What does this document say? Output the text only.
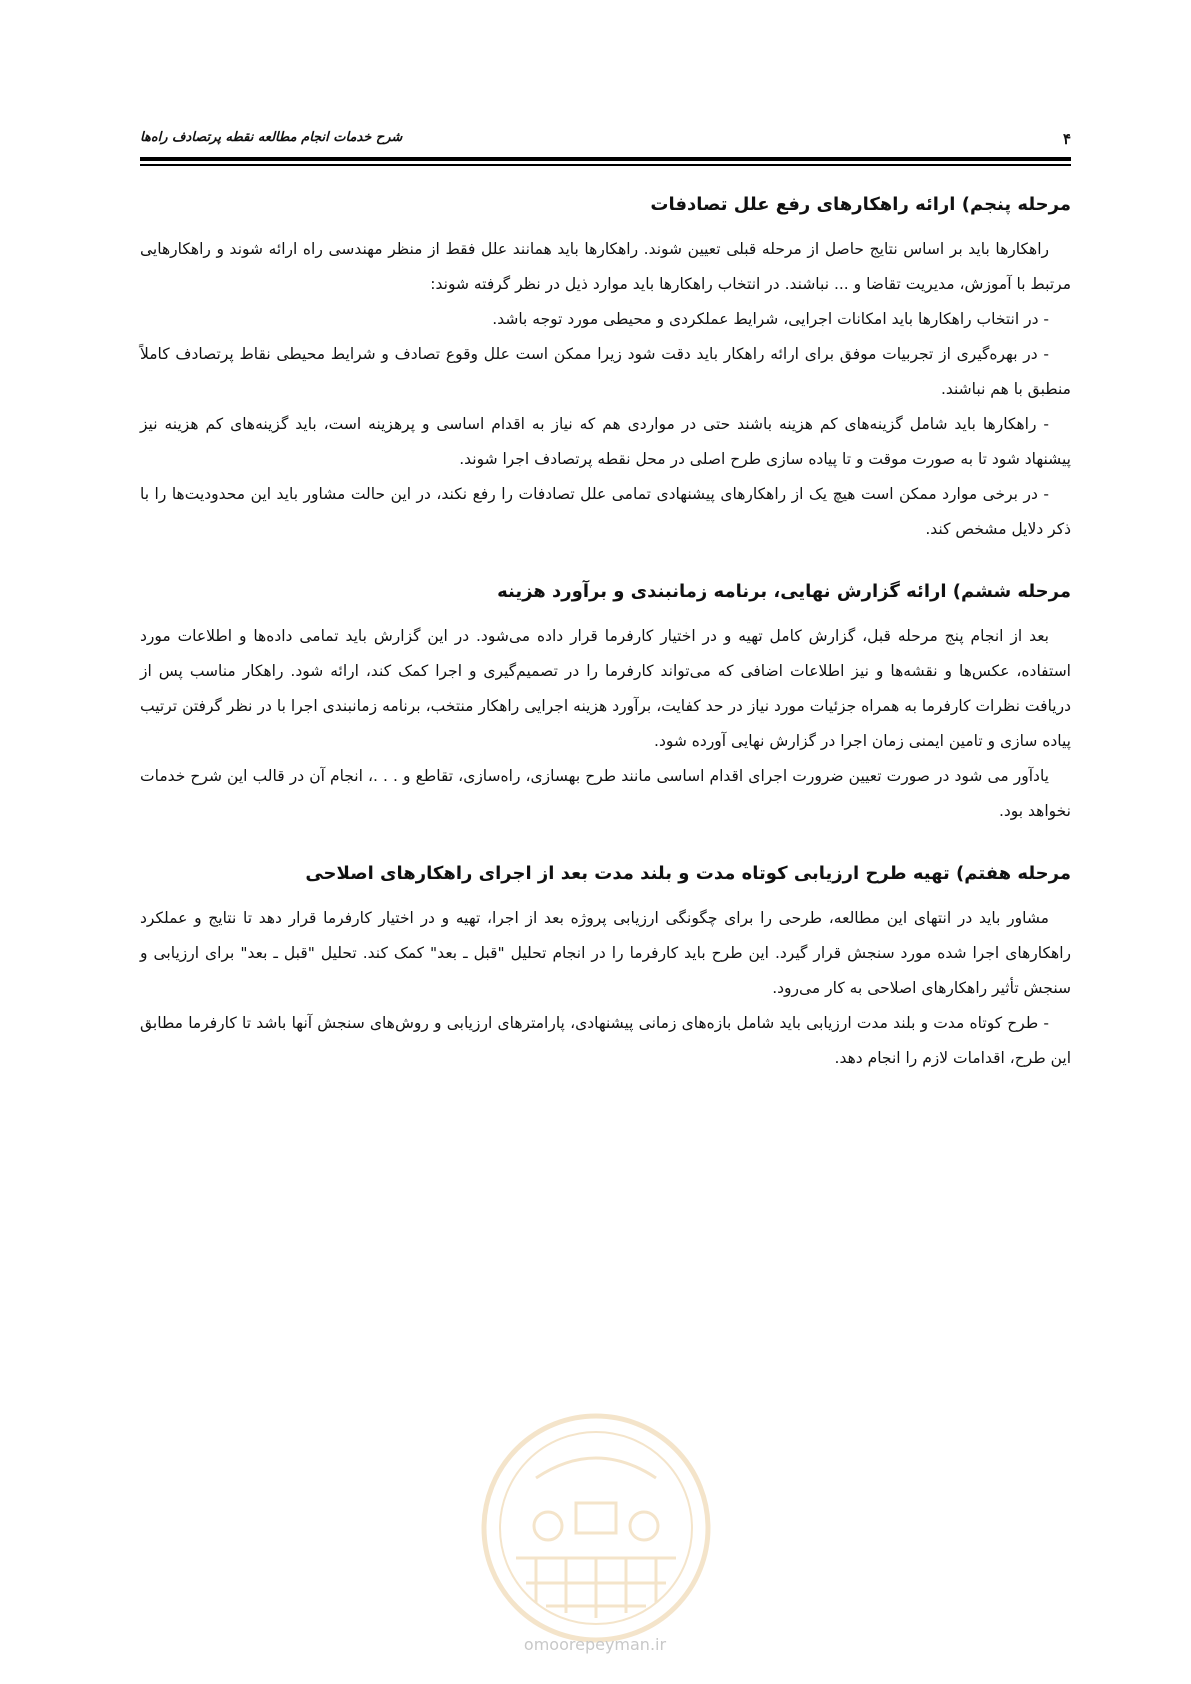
۴
شرح خدمات انجام مطالعه نقطه پرتصادف راه‌ها
مرحله پنجم) ارائه راهکارهای رفع علل تصادفات

راهکارها باید بر اساس نتایج حاصل از مرحله قبلی تعیین شوند. راهکارها باید همانند علل فقط از منظر مهندسی راه ارائه شوند و راهکارهایی مرتبط با آموزش، مدیریت تقاضا و ... نباشند. در انتخاب راهکارها باید موارد ذیل در نظر گرفته شوند:

- در انتخاب راهکارها باید امکانات اجرایی، شرایط عملکردی و محیطی مورد توجه باشد.

- در بهره‌گیری از تجربیات موفق برای ارائه راهکار باید دقت شود زیرا ممکن است علل وقوع تصادف و شرایط محیطی نقاط پرتصادف کاملاً منطبق با هم نباشند.

- راهکارها باید شامل گزینه‌های کم هزینه باشند حتی در مواردی هم که نیاز به اقدام اساسی و پرهزینه است، باید گزینه‌های کم هزینه نیز پیشنهاد شود تا به صورت موقت و تا پیاده سازی طرح اصلی در محل نقطه پرتصادف اجرا شوند.

- در برخی موارد ممکن است هیچ یک از راهکارهای پیشنهادی تمامی علل تصادفات را رفع نکند، در این حالت مشاور باید این محدودیت‌ها را با ذکر دلایل مشخص کند.

مرحله ششم) ارائه گزارش نهایی، برنامه زمانبندی و برآورد هزینه

بعد از انجام پنج مرحله قبل، گزارش کامل تهیه و در اختیار کارفرما قرار داده می‌شود. در این گزارش باید تمامی داده‌ها و اطلاعات مورد استفاده، عکس‌ها و نقشه‌ها و نیز اطلاعات اضافی که می‌تواند کارفرما را در تصمیم‌گیری و اجرا کمک کند، ارائه شود. راهکار مناسب پس از دریافت نظرات کارفرما به همراه جزئیات مورد نیاز در حد کفایت، برآورد هزینه اجرایی راهکار منتخب، برنامه زمانبندی اجرا با در نظر گرفتن ترتیب پیاده سازی و تامین ایمنی زمان اجرا در گزارش نهایی آورده شود.

یادآور می شود در صورت تعیین ضرورت اجرای اقدام اساسی مانند طرح بهسازی، راه‌سازی، تقاطع و . . .، انجام آن در قالب این شرح خدمات نخواهد بود.

مرحله هفتم) تهیه طرح ارزیابی کوتاه مدت و بلند مدت بعد از اجرای راهکارهای اصلاحی

مشاور باید در انتهای این مطالعه، طرحی را برای چگونگی ارزیابی پروژه بعد از اجرا، تهیه و در اختیار کارفرما قرار دهد تا نتایج و عملکرد راهکارهای اجرا شده مورد سنجش قرار گیرد. این طرح باید کارفرما را در انجام تحلیل "قبل ـ بعد" کمک کند. تحلیل "قبل ـ بعد" برای ارزیابی و سنجش تأثیر راهکارهای اصلاحی به کار می‌رود.

- طرح کوتاه مدت و بلند مدت ارزیابی باید شامل بازه‌های زمانی پیشنهادی، پارامترهای ارزیابی و روش‌های سنجش آنها باشد تا کارفرما مطابق این طرح، اقدامات لازم را انجام دهد.

omoorepeyman.ir
